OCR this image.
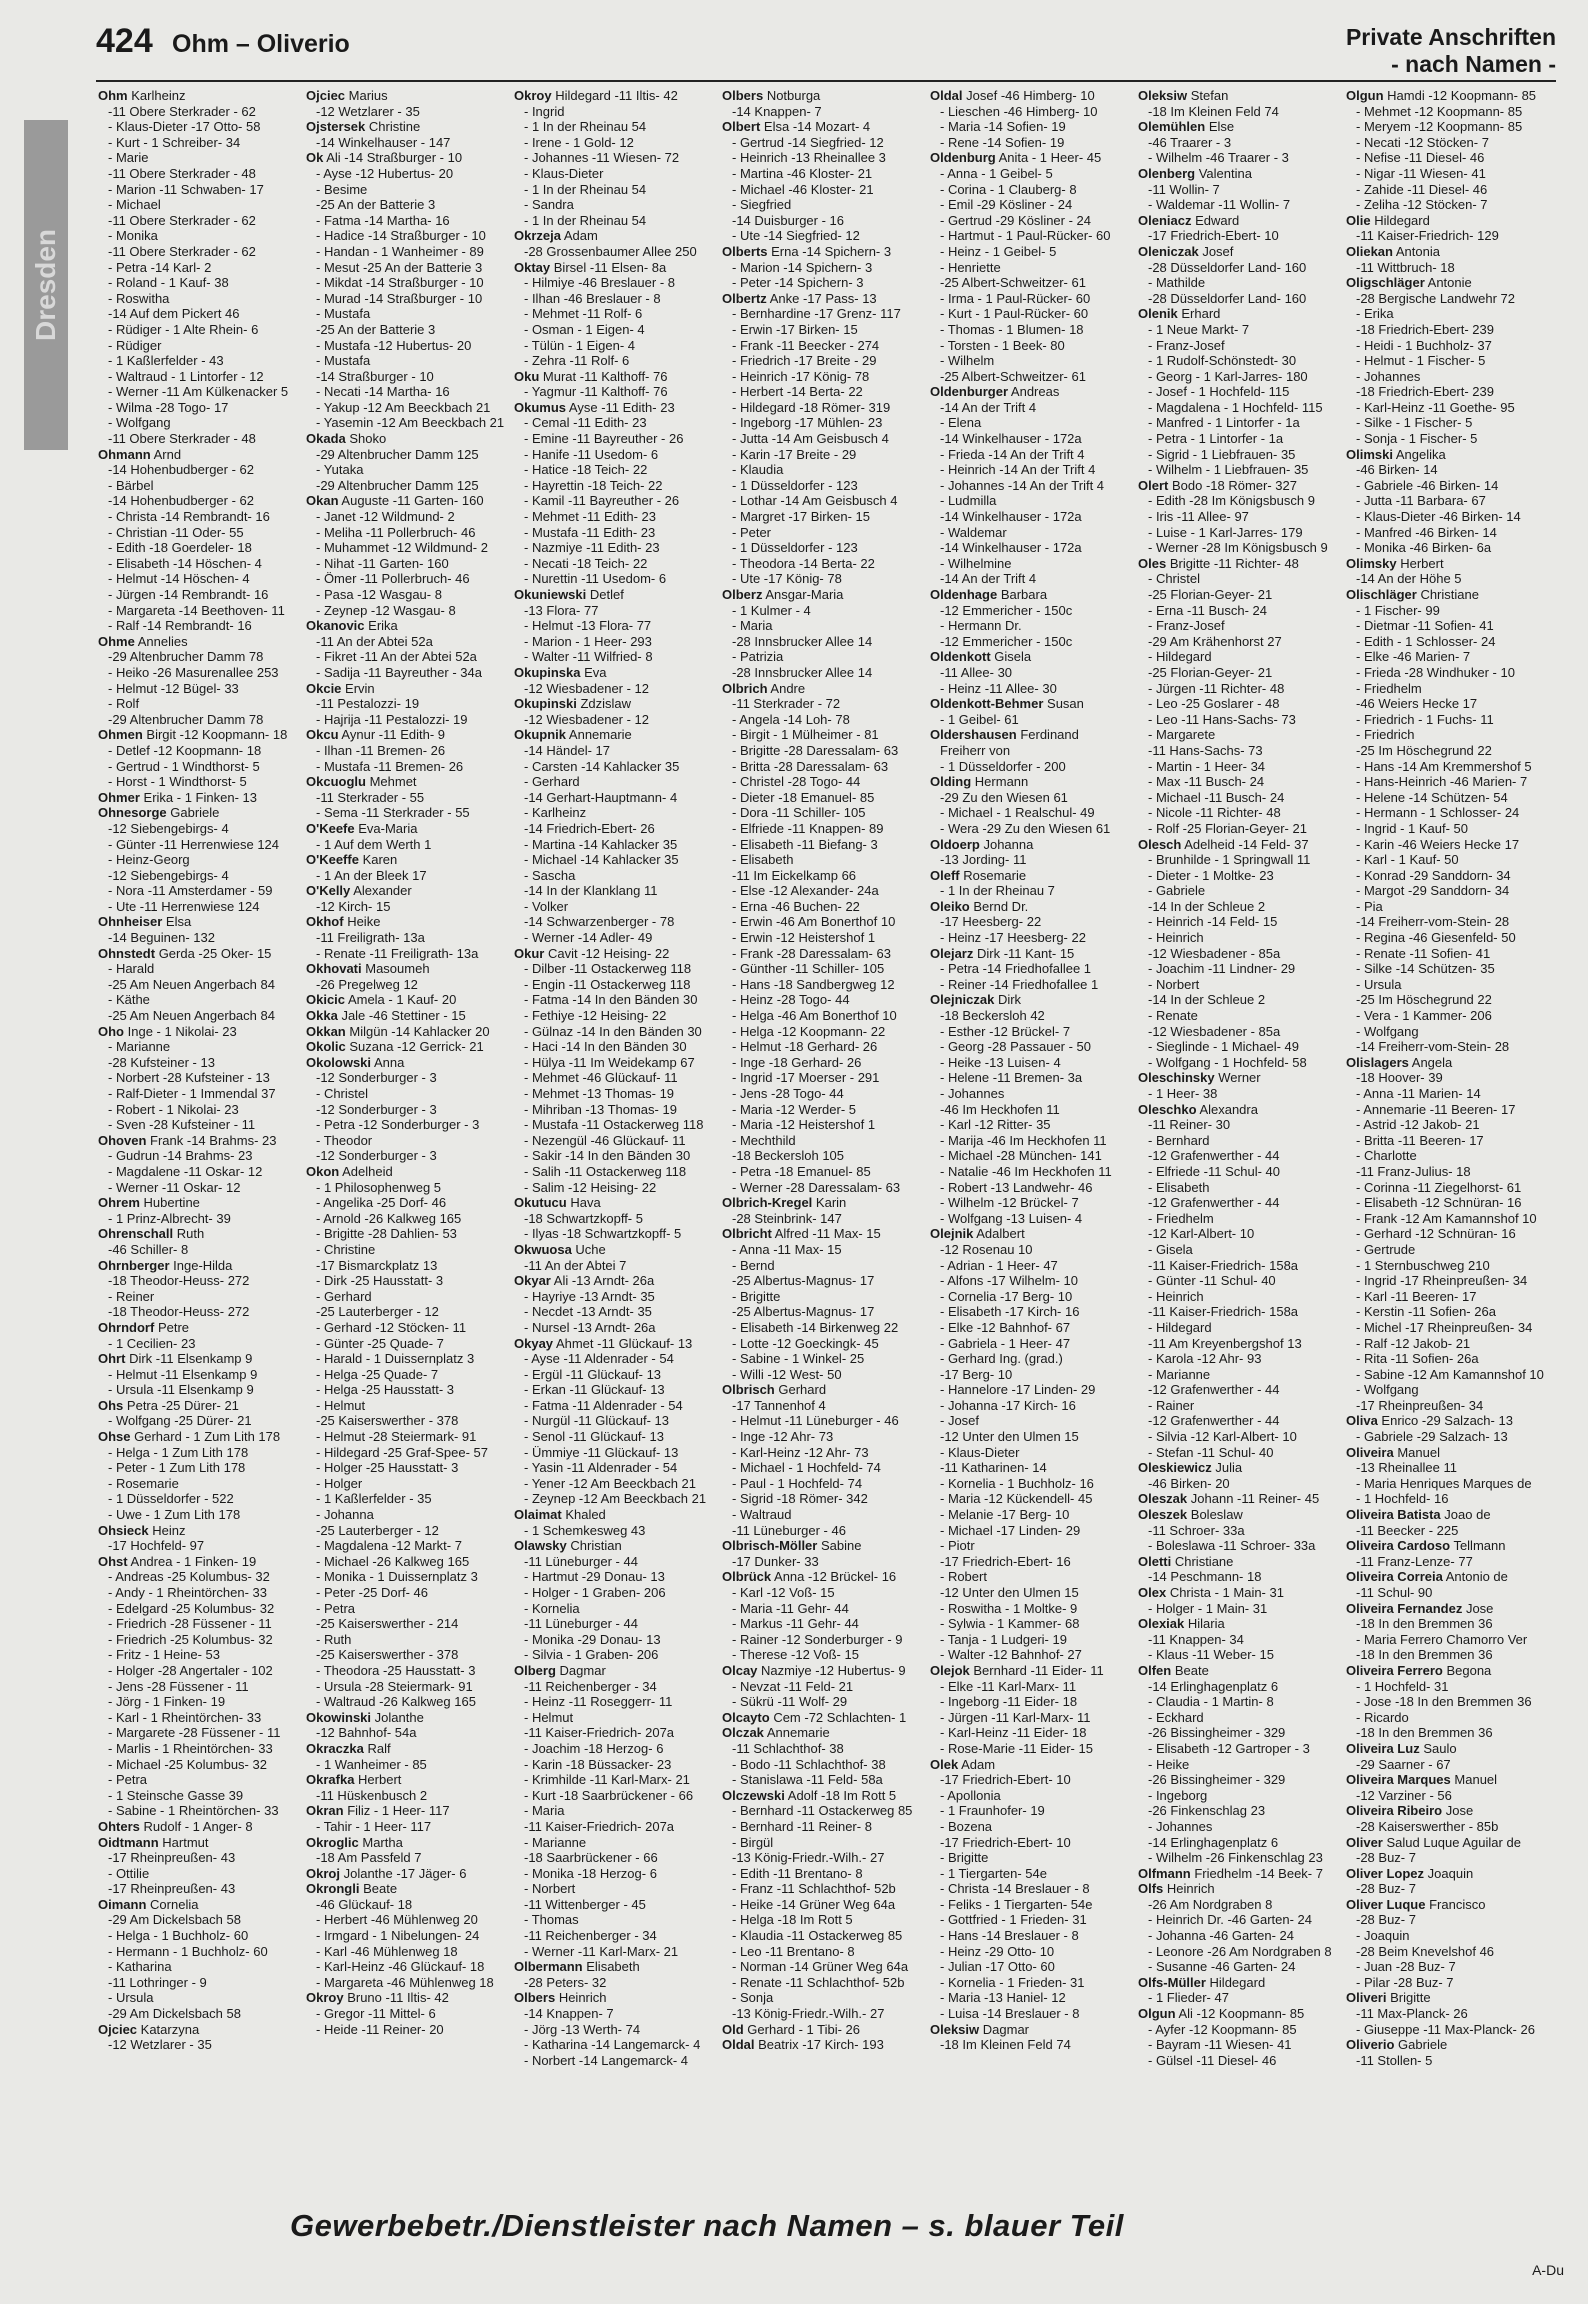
Dresden
424 Ohm – Oliverio	Private Anschriften
- nach Namen -
Ohm Karlheinz
-11 Obere Sterkrader - 62
- Klaus-Dieter -17 Otto- 58
- Kurt - 1 Schreiber- 34
- Marie
-11 Obere Sterkrader - 48
- Marion -11 Schwaben- 17
- Michael
-11 Obere Sterkrader - 62
- Monika
-11 Obere Sterkrader - 62
- Petra -14 Karl- 2
- Roland - 1 Kauf- 38
- Roswitha
-14 Auf dem Pickert 46
- Rüdiger - 1 Alte Rhein- 6
- Rüdiger
- 1 Kaßlerfelder - 43
- Waltraud - 1 Lintorfer - 12
- Werner -11 Am Külkenacker 5
- Wilma -28 Togo- 17
- Wolfgang
-11 Obere Sterkrader - 48
Ohmann Arnd
-14 Hohenbudberger - 62
- Bärbel
-14 Hohenbudberger - 62
- Christa -14 Rembrandt- 16
- Christian -11 Oder- 55
- Edith -18 Goerdeler- 18
- Elisabeth -14 Höschen- 4
- Helmut -14 Höschen- 4
- Jürgen -14 Rembrandt- 16
- Margareta -14 Beethoven- 11
- Ralf -14 Rembrandt- 16
Ohme Annelies
-29 Altenbrucher Damm 78
- Heiko -26 Masurenallee 253
- Helmut -12 Bügel- 33
- Rolf
-29 Altenbrucher Damm 78
Ohmen Birgit -12 Koopmann- 18
- Detlef -12 Koopmann- 18
- Gertrud - 1 Windthorst- 5
- Horst - 1 Windthorst- 5
Ohmer Erika - 1 Finken- 13
Ohnesorge Gabriele
-12 Siebengebirgs- 4
- Günter -11 Herrenwiese 124
- Heinz-Georg
-12 Siebengebirgs- 4
- Nora -11 Amsterdamer - 59
- Ute -11 Herrenwiese 124
Ohnheiser Elsa
-14 Beguinen- 132
Ohnstedt Gerda -25 Oker- 15
- Harald
-25 Am Neuen Angerbach 84
- Käthe
-25 Am Neuen Angerbach 84
Oho Inge - 1 Nikolai- 23
- Marianne
-28 Kufsteiner - 13
- Norbert -28 Kufsteiner - 13
- Ralf-Dieter - 1 Immendal 37
- Robert - 1 Nikolai- 23
- Sven -28 Kufsteiner - 11
Ohoven Frank -14 Brahms- 23
- Gudrun -14 Brahms- 23
- Magdalene -11 Oskar- 12
- Werner -11 Oskar- 12
Ohrem Hubertine
- 1 Prinz-Albrecht- 39
Ohrenschall Ruth
-46 Schiller- 8
Ohrnberger Inge-Hilda
-18 Theodor-Heuss- 272
- Reiner
-18 Theodor-Heuss- 272
Ohrndorf Petre
- 1 Cecilien- 23
Ohrt Dirk -11 Elsenkamp 9
- Helmut -11 Elsenkamp 9
- Ursula -11 Elsenkamp 9
Ohs Petra -25 Dürer- 21
- Wolfgang -25 Dürer- 21
Ohse Gerhard - 1 Zum Lith 178
- Helga - 1 Zum Lith 178
- Peter - 1 Zum Lith 178
- Rosemarie
- 1 Düsseldorfer - 522
- Uwe - 1 Zum Lith 178
Ohsieck Heinz
-17 Hochfeld- 97
Ohst Andrea - 1 Finken- 19
- Andreas -25 Kolumbus- 32
- Andy - 1 Rheintörchen- 33
- Edelgard -25 Kolumbus- 32
- Friedrich -28 Füssener - 11
- Friedrich -25 Kolumbus- 32
- Fritz - 1 Heine- 53
- Holger -28 Angertaler - 102
- Jens -28 Füssener - 11
- Jörg - 1 Finken- 19
- Karl - 1 Rheintörchen- 33
- Margarete -28 Füssener - 11
- Marlis - 1 Rheintörchen- 33
- Michael -25 Kolumbus- 32
- Petra
- 1 Steinsche Gasse 39
- Sabine - 1 Rheintörchen- 33
Ohters Rudolf - 1 Anger- 8
Oidtmann Hartmut
-17 Rheinpreußen- 43
- Ottilie
-17 Rheinpreußen- 43
Oimann Cornelia
-29 Am Dickelsbach 58
- Helga - 1 Buchholz- 60
- Hermann - 1 Buchholz- 60
- Katharina
-11 Lothringer - 9
- Ursula
-29 Am Dickelsbach 58
Ojciec Katarzyna
-12 Wetzlarer - 35
Ojciec Marius
-12 Wetzlarer - 35
Ojstersek Christine
-14 Winkelhauser - 147
Ok Ali -14 Straßburger - 10
- Ayse -12 Hubertus- 20
- Besime
-25 An der Batterie 3
- Fatma -14 Martha- 16
- Hadice -14 Straßburger - 10
- Handan - 1 Wanheimer - 89
- Mesut -25 An der Batterie 3
- Mikdat -14 Straßburger - 10
- Murad -14 Straßburger - 10
- Mustafa
-25 An der Batterie 3
- Mustafa -12 Hubertus- 20
- Mustafa
-14 Straßburger - 10
- Necati -14 Martha- 16
- Yakup -12 Am Beeckbach 21
- Yasemin -12 Am Beeckbach 21
Okada Shoko
-29 Altenbrucher Damm 125
- Yutaka
-29 Altenbrucher Damm 125
Okan Auguste -11 Garten- 160
- Janet -12 Wildmund- 2
- Meliha -11 Pollerbruch- 46
- Muhammet -12 Wildmund- 2
- Nihat -11 Garten- 160
- Ömer -11 Pollerbruch- 46
- Pasa -12 Wasgau- 8
- Zeynep -12 Wasgau- 8
Okanovic Erika
-11 An der Abtei 52a
- Fikret -11 An der Abtei 52a
- Sadija -11 Bayreuther - 34a
Okcie Ervin
-11 Pestalozzi- 19
- Hajrija -11 Pestalozzi- 19
Okcu Aynur -11 Edith- 9
- Ilhan -11 Bremen- 26
- Mustafa -11 Bremen- 26
Okcuoglu Mehmet
-11 Sterkrader - 55
- Sema -11 Sterkrader - 55
O'Keefe Eva-Maria
- 1 Auf dem Werth 1
O'Keeffe Karen
- 1 An der Bleek 17
O'Kelly Alexander
-12 Kirch- 15
Okhof Heike
-11 Freiligrath- 13a
- Renate -11 Freiligrath- 13a
Okhovati Masoumeh
-26 Pregelweg 12
Okicic Amela - 1 Kauf- 20
Okka Jale -46 Stettiner - 15
Okkan Milgün -14 Kahlacker 20
Okolic Suzana -12 Gerrick- 21
Okolowski Anna
-12 Sonderburger - 3
- Christel
-12 Sonderburger - 3
- Petra -12 Sonderburger - 3
- Theodor
-12 Sonderburger - 3
Okon Adelheid
- 1 Philosophenweg 5
- Angelika -25 Dorf- 46
- Arnold -26 Kalkweg 165
- Brigitte -28 Dahlien- 53
- Christine
-17 Bismarckplatz 13
- Dirk -25 Hausstatt- 3
- Gerhard
-25 Lauterberger - 12
- Gerhard -12 Stöcken- 11
- Günter -25 Quade- 7
- Harald - 1 Duissernplatz 3
- Helga -25 Quade- 7
- Helga -25 Hausstatt- 3
- Helmut
-25 Kaiserswerther - 378
- Helmut -28 Steiermark- 91
- Hildegard -25 Graf-Spee- 57
- Holger -25 Hausstatt- 3
- Holger
- 1 Kaßlerfelder - 35
- Johanna
-25 Lauterberger - 12
- Magdalena -12 Markt- 7
- Michael -26 Kalkweg 165
- Monika - 1 Duissernplatz 3
- Peter -25 Dorf- 46
- Petra
-25 Kaiserswerther - 214
- Ruth
-25 Kaiserswerther - 378
- Theodora -25 Hausstatt- 3
- Ursula -28 Steiermark- 91
- Waltraud -26 Kalkweg 165
Okowinski Jolanthe
-12 Bahnhof- 54a
Okraczka Ralf
- 1 Wanheimer - 85
Okrafka Herbert
-11 Hüskenbusch 2
Okran Filiz - 1 Heer- 117
- Tahir - 1 Heer- 117
Okroglic Martha
-18 Am Passfeld 7
Okroj Jolanthe -17 Jäger- 6
Okrongli Beate
-46 Glückauf- 18
- Herbert -46 Mühlenweg 20
- Irmgard - 1 Nibelungen- 24
- Karl -46 Mühlenweg 18
- Karl-Heinz -46 Glückauf- 18
- Margareta -46 Mühlenweg 18
Okroy Bruno -11 Iltis- 42
- Gregor -11 Mittel- 6
- Heide -11 Reiner- 20
Okroy Hildegard -11 Iltis- 42
- Ingrid
- 1 In der Rheinau 54
- Irene - 1 Gold- 12
- Johannes -11 Wiesen- 72
- Klaus-Dieter
- 1 In der Rheinau 54
- Sandra
- 1 In der Rheinau 54
Okrzeja Adam
-28 Grossenbaumer Allee 250
Oktay Birsel -11 Elsen- 8a
- Hilmiye -46 Breslauer - 8
- Ilhan -46 Breslauer - 8
- Mehmet -11 Rolf- 6
- Osman - 1 Eigen- 4
- Tülün - 1 Eigen- 4
- Zehra -11 Rolf- 6
Oku Murat -11 Kalthoff- 76
- Yagmur -11 Kalthoff- 76
Okumus Ayse -11 Edith- 23
- Cemal -11 Edith- 23
- Emine -11 Bayreuther - 26
- Hanife -11 Usedom- 6
- Hatice -18 Teich- 22
- Hayrettin -18 Teich- 22
- Kamil -11 Bayreuther - 26
- Mehmet -11 Edith- 23
- Mustafa -11 Edith- 23
- Nazmiye -11 Edith- 23
- Necati -18 Teich- 22
- Nurettin -11 Usedom- 6
Okuniewski Detlef
-13 Flora- 77
- Helmut -13 Flora- 77
- Marion - 1 Heer- 293
- Walter -11 Wilfried- 8
Okupinska Eva
-12 Wiesbadener - 12
Okupinski Zdzislaw
-12 Wiesbadener - 12
Okupnik Annemarie
-14 Händel- 17
- Carsten -14 Kahlacker 35
- Gerhard
-14 Gerhart-Hauptmann- 4
- Karlheinz
-14 Friedrich-Ebert- 26
- Martina -14 Kahlacker 35
- Michael -14 Kahlacker 35
- Sascha
-14 In der Klanklang 11
- Volker
-14 Schwarzenberger - 78
- Werner -14 Adler- 49
Okur Cavit -12 Heising- 22
- Dilber -11 Ostackerweg 118
- Engin -11 Ostackerweg 118
- Fatma -14 In den Bänden 30
- Fethiye -12 Heising- 22
- Gülnaz -14 In den Bänden 30
- Haci -14 In den Bänden 30
- Hülya -11 Im Weidekamp 67
- Mehmet -46 Glückauf- 11
- Mehmet -13 Thomas- 19
- Mihriban -13 Thomas- 19
- Mustafa -11 Ostackerweg 118
- Nezengül -46 Glückauf- 11
- Sakir -14 In den Bänden 30
- Salih -11 Ostackerweg 118
- Salim -12 Heising- 22
Okutucu Hava
-18 Schwartzkopff- 5
- Ilyas -18 Schwartzkopff- 5
Okwuosa Uche
-11 An der Abtei 7
Okyar Ali -13 Arndt- 26a
- Hayriye -13 Arndt- 35
- Necdet -13 Arndt- 35
- Nursel -13 Arndt- 26a
Okyay Ahmet -11 Glückauf- 13
- Ayse -11 Aldenrader - 54
- Ergül -11 Glückauf- 13
- Erkan -11 Glückauf- 13
- Fatma -11 Aldenrader - 54
- Nurgül -11 Glückauf- 13
- Senol -11 Glückauf- 13
- Ümmiye -11 Glückauf- 13
- Yasin -11 Aldenrader - 54
- Yener -12 Am Beeckbach 21
- Zeynep -12 Am Beeckbach 21
Olaimat Khaled
- 1 Schemkesweg 43
Olawsky Christian
-11 Lüneburger - 44
- Hartmut -29 Donau- 13
- Holger - 1 Graben- 206
- Kornelia
-11 Lüneburger - 44
- Monika -29 Donau- 13
- Silvia - 1 Graben- 206
Olberg Dagmar
-11 Reichenberger - 34
- Heinz -11 Roseggerr- 11
- Helmut
-11 Kaiser-Friedrich- 207a
- Joachim -18 Herzog- 6
- Karin -18 Büssacker- 23
- Krimhilde -11 Karl-Marx- 21
- Kurt -18 Saarbrückener - 66
- Maria
-11 Kaiser-Friedrich- 207a
- Marianne
-18 Saarbrückener - 66
- Monika -18 Herzog- 6
- Norbert
-11 Wittenberger - 45
- Thomas
-11 Reichenberger - 34
- Werner -11 Karl-Marx- 21
Olbermann Elisabeth
-28 Peters- 32
Olbers Heinrich
-14 Knappen- 7
- Jörg -13 Werth- 74
- Katharina -14 Langemarck- 4
- Norbert -14 Langemarck- 4
Olbers Notburga
-14 Knappen- 7
Olbert Elsa -14 Mozart- 4
- Gertrud -14 Siegfried- 12
- Heinrich -13 Rheinallee 3
- Martina -46 Kloster- 21
- Michael -46 Kloster- 21
- Siegfried
-14 Duisburger - 16
- Ute -14 Siegfried- 12
Olberts Erna -14 Spichern- 3
- Marion -14 Spichern- 3
- Peter -14 Spichern- 3
Olbertz Anke -17 Pass- 13
- Bernhardine -17 Grenz- 117
- Erwin -17 Birken- 15
- Frank -11 Beecker - 274
- Friedrich -17 Breite - 29
- Heinrich -17 König- 78
- Herbert -14 Berta- 22
- Hildegard -18 Römer- 319
- Ingeborg -17 Mühlen- 23
- Jutta -14 Am Geisbusch 4
- Karin -17 Breite - 29
- Klaudia
- 1 Düsseldorfer - 123
- Lothar -14 Am Geisbusch 4
- Margret -17 Birken- 15
- Peter
- 1 Düsseldorfer - 123
- Theodora -14 Berta- 22
- Ute -17 König- 78
Olberz Ansgar-Maria
- 1 Kulmer - 4
- Maria
-28 Innsbrucker Allee 14
- Patrizia
-28 Innsbrucker Allee 14
Olbrich Andre
-11 Sterkrader - 72
- Angela -14 Loh- 78
- Birgit - 1 Mülheimer - 81
- Brigitte -28 Daressalam- 63
- Britta -28 Daressalam- 63
- Christel -28 Togo- 44
- Dieter -18 Emanuel- 85
- Dora -11 Schiller- 105
- Elfriede -11 Knappen- 89
- Elisabeth -11 Biefang- 3
- Elisabeth
-11 Im Eickelkamp 66
- Else -12 Alexander- 24a
- Erna -46 Buchen- 22
- Erwin -46 Am Bonerthof 10
- Erwin -12 Heistershof 1
- Frank -28 Daressalam- 63
- Günther -11 Schiller- 105
- Hans -18 Sandbergweg 12
- Heinz -28 Togo- 44
- Helga -46 Am Bonerthof 10
- Helga -12 Koopmann- 22
- Helmut -18 Gerhard- 26
- Inge -18 Gerhard- 26
- Ingrid -17 Moerser - 291
- Jens -28 Togo- 44
- Maria -12 Werder- 5
- Maria -12 Heistershof 1
- Mechthild
-18 Beckersloh 105
- Petra -18 Emanuel- 85
- Werner -28 Daressalam- 63
Olbrich-Kregel Karin
-28 Steinbrink- 147
Olbricht Alfred -11 Max- 15
- Anna -11 Max- 15
- Bernd
-25 Albertus-Magnus- 17
- Brigitte
-25 Albertus-Magnus- 17
- Elisabeth -14 Birkenweg 22
- Lotte -12 Goeckingk- 45
- Sabine - 1 Winkel- 25
- Willi -12 West- 50
Olbrisch Gerhard
-17 Tannenhof 4
- Helmut -11 Lüneburger - 46
- Inge -12 Ahr- 73
- Karl-Heinz -12 Ahr- 73
- Michael - 1 Hochfeld- 74
- Paul - 1 Hochfeld- 74
- Sigrid -18 Römer- 342
- Waltraud
-11 Lüneburger - 46
Olbrisch-Möller Sabine
-17 Dunker- 33
Olbrück Anna -12 Brückel- 16
- Karl -12 Voß- 15
- Maria -11 Gehr- 44
- Markus -11 Gehr- 44
- Rainer -12 Sonderburger - 9
- Therese -12 Voß- 15
Olcay Nazmiye -12 Hubertus- 9
- Nevzat -11 Feld- 21
- Sükrü -11 Wolf- 29
Olcayto Cem -72 Schlachten- 1
Olczak Annemarie
-11 Schlachthof- 38
- Bodo -11 Schlachthof- 38
- Stanislawa -11 Feld- 58a
Olczewski Adolf -18 Im Rott 5
- Bernhard -11 Ostackerweg 85
- Bernhard -11 Reiner- 8
- Birgül
-13 König-Friedr.-Wilh.- 27
- Edith -11 Brentano- 8
- Franz -11 Schlachthof- 52b
- Heike -14 Grüner Weg 64a
- Helga -18 Im Rott 5
- Klaudia -11 Ostackerweg 85
- Leo -11 Brentano- 8
- Norman -14 Grüner Weg 64a
- Renate -11 Schlachthof- 52b
- Sonja
-13 König-Friedr.-Wilh.- 27
Old Gerhard - 1 Tibi- 26
Oldal Beatrix -17 Kirch- 193
Oldal Josef -46 Himberg- 10
- Lieschen -46 Himberg- 10
- Maria -14 Sofien- 19
- Rene -14 Sofien- 19
Oldenburg Anita - 1 Heer- 45
- Anna - 1 Geibel- 5
- Corina - 1 Clauberg- 8
- Emil -29 Kösliner - 24
- Gertrud -29 Kösliner - 24
- Hartmut - 1 Paul-Rücker- 60
- Heinz - 1 Geibel- 5
- Henriette
-25 Albert-Schweitzer- 61
- Irma - 1 Paul-Rücker- 60
- Kurt - 1 Paul-Rücker- 60
- Thomas - 1 Blumen- 18
- Torsten - 1 Beek- 80
- Wilhelm
-25 Albert-Schweitzer- 61
Oldenburger Andreas
-14 An der Trift 4
- Elena
-14 Winkelhauser - 172a
- Frieda -14 An der Trift 4
- Heinrich -14 An der Trift 4
- Johannes -14 An der Trift 4
- Ludmilla
-14 Winkelhauser - 172a
- Waldemar
-14 Winkelhauser - 172a
- Wilhelmine
-14 An der Trift 4
Oldenhage Barbara
-12 Emmericher - 150c
- Hermann Dr.
-12 Emmericher - 150c
Oldenkott Gisela
-11 Allee- 30
- Heinz -11 Allee- 30
Oldenkott-Behmer Susan
- 1 Geibel- 61
Oldershausen Ferdinand
Freiherr von
- 1 Düsseldorfer - 200
Olding Hermann
-29 Zu den Wiesen 61
- Michael - 1 Realschul- 49
- Wera -29 Zu den Wiesen 61
Oldoerp Johanna
-13 Jording- 11
Oleff Rosemarie
- 1 In der Rheinau 7
Oleiko Bernd Dr.
-17 Heesberg- 22
- Heinz -17 Heesberg- 22
Olejarz Dirk -11 Kant- 15
- Petra -14 Friedhofallee 1
- Reiner -14 Friedhofallee 1
Olejniczak Dirk
-18 Beckersloh 42
- Esther -12 Brückel- 7
- Georg -28 Passauer - 50
- Heike -13 Luisen- 4
- Helene -11 Bremen- 3a
- Johannes
-46 Im Heckhofen 11
- Karl -12 Ritter- 35
- Marija -46 Im Heckhofen 11
- Michael -28 München- 141
- Natalie -46 Im Heckhofen 11
- Robert -13 Landwehr- 46
- Wilhelm -12 Brückel- 7
- Wolfgang -13 Luisen- 4
Olejnik Adalbert
-12 Rosenau 10
- Adrian - 1 Heer- 47
- Alfons -17 Wilhelm- 10
- Cornelia -17 Berg- 10
- Elisabeth -17 Kirch- 16
- Elke -12 Bahnhof- 67
- Gabriela - 1 Heer- 47
- Gerhard Ing. (grad.)
-17 Berg- 10
- Hannelore -17 Linden- 29
- Johanna -17 Kirch- 16
- Josef
-12 Unter den Ulmen 15
- Klaus-Dieter
-11 Katharinen- 14
- Kornelia - 1 Buchholz- 16
- Maria -12 Kückendell- 45
- Melanie -17 Berg- 10
- Michael -17 Linden- 29
- Piotr
-17 Friedrich-Ebert- 16
- Robert
-12 Unter den Ulmen 15
- Roswitha - 1 Moltke- 9
- Sylwia - 1 Kammer- 68
- Tanja - 1 Ludgeri- 19
- Walter -12 Bahnhof- 27
Olejok Bernhard -11 Eider- 11
- Elke -11 Karl-Marx- 11
- Ingeborg -11 Eider- 18
- Jürgen -11 Karl-Marx- 11
- Karl-Heinz -11 Eider- 18
- Rose-Marie -11 Eider- 15
Olek Adam
-17 Friedrich-Ebert- 10
- Apollonia
- 1 Fraunhofer- 19
- Bozena
-17 Friedrich-Ebert- 10
- Brigitte
- 1 Tiergarten- 54e
- Christa -14 Breslauer - 8
- Feliks - 1 Tiergarten- 54e
- Gottfried - 1 Frieden- 31
- Hans -14 Breslauer - 8
- Heinz -29 Otto- 10
- Julian -17 Otto- 60
- Kornelia - 1 Frieden- 31
- Maria -13 Haniel- 12
- Luisa -14 Breslauer - 8
Oleksiw Dagmar
-18 Im Kleinen Feld 74
Oleksiw Stefan
-18 Im Kleinen Feld 74
Olemühlen Else
-46 Traarer - 3
- Wilhelm -46 Traarer - 3
Olenberg Valentina
-11 Wollin- 7
- Waldemar -11 Wollin- 7
Oleniacz Edward
-17 Friedrich-Ebert- 10
Oleniczak Josef
-28 Düsseldorfer Land- 160
- Mathilde
-28 Düsseldorfer Land- 160
Olenik Erhard
- 1 Neue Markt- 7
- Franz-Josef
- 1 Rudolf-Schönstedt- 30
- Georg - 1 Karl-Jarres- 180
- Josef - 1 Hochfeld- 115
- Magdalena - 1 Hochfeld- 115
- Manfred - 1 Lintorfer - 1a
- Petra - 1 Lintorfer - 1a
- Sigrid - 1 Liebfrauen- 35
- Wilhelm - 1 Liebfrauen- 35
Olert Bodo -18 Römer- 327
- Edith -28 Im Königsbusch 9
- Iris -11 Allee- 97
- Luise - 1 Karl-Jarres- 179
- Werner -28 Im Königsbusch 9
Oles Brigitte -11 Richter- 48
- Christel
-25 Florian-Geyer- 21
- Erna -11 Busch- 24
- Franz-Josef
-29 Am Krähenhorst 27
- Hildegard
-25 Florian-Geyer- 21
- Jürgen -11 Richter- 48
- Leo -25 Goslarer - 48
- Leo -11 Hans-Sachs- 73
- Margarete
-11 Hans-Sachs- 73
- Martin - 1 Heer- 34
- Max -11 Busch- 24
- Michael -11 Busch- 24
- Nicole -11 Richter- 48
- Rolf -25 Florian-Geyer- 21
Olesch Adelheid -14 Feld- 37
- Brunhilde - 1 Springwall 11
- Dieter - 1 Moltke- 23
- Gabriele
-14 In der Schleue 2
- Heinrich -14 Feld- 15
- Heinrich
-12 Wiesbadener - 85a
- Joachim -11 Lindner- 29
- Norbert
-14 In der Schleue 2
- Renate
-12 Wiesbadener - 85a
- Sieglinde - 1 Michael- 49
- Wolfgang - 1 Hochfeld- 58
Oleschinsky Werner
- 1 Heer- 38
Oleschko Alexandra
-11 Reiner- 30
- Bernhard
-12 Grafenwerther - 44
- Elfriede -11 Schul- 40
- Elisabeth
-12 Grafenwerther - 44
- Friedhelm
-12 Karl-Albert- 10
- Gisela
-11 Kaiser-Friedrich- 158a
- Günter -11 Schul- 40
- Heinrich
-11 Kaiser-Friedrich- 158a
- Hildegard
-11 Am Kreyenbergshof 13
- Karola -12 Ahr- 93
- Marianne
-12 Grafenwerther - 44
- Rainer
-12 Grafenwerther - 44
- Silvia -12 Karl-Albert- 10
- Stefan -11 Schul- 40
Oleskiewicz Julia
-46 Birken- 20
Oleszak Johann -11 Reiner- 45
Oleszek Boleslaw
-11 Schroer- 33a
- Boleslawa -11 Schroer- 33a
Oletti Christiane
-14 Peschmann- 18
Olex Christa - 1 Main- 31
- Holger - 1 Main- 31
Olexiak Hilaria
-11 Knappen- 34
- Klaus -11 Weber- 15
Olfen Beate
-14 Erlinghagenplatz 6
- Claudia - 1 Martin- 8
- Eckhard
-26 Bissingheimer - 329
- Elisabeth -12 Gartroper - 3
- Heike
-26 Bissingheimer - 329
- Ingeborg
-26 Finkenschlag 23
- Johannes
-14 Erlinghagenplatz 6
- Wilhelm -26 Finkenschlag 23
Olfmann Friedhelm -14 Beek- 7
Olfs Heinrich
-26 Am Nordgraben 8
- Heinrich Dr. -46 Garten- 24
- Johanna -46 Garten- 24
- Leonore -26 Am Nordgraben 8
- Susanne -46 Garten- 24
Olfs-Müller Hildegard
- 1 Flieder- 47
Olgun Ali -12 Koopmann- 85
- Ayfer -12 Koopmann- 85
- Bayram -11 Wiesen- 41
- Gülsel -11 Diesel- 46
Olgun Hamdi -12 Koopmann- 85
- Mehmet -12 Koopmann- 85
- Meryem -12 Koopmann- 85
- Necati -12 Stöcken- 7
- Nefise -11 Diesel- 46
- Nigar -11 Wiesen- 41
- Zahide -11 Diesel- 46
- Zeliha -12 Stöcken- 7
Olie Hildegard
-11 Kaiser-Friedrich- 129
Oliekan Antonia
-11 Wittbruch- 18
Oligschläger Antonie
-28 Bergische Landwehr 72
- Erika
-18 Friedrich-Ebert- 239
- Heidi - 1 Buchholz- 37
- Helmut - 1 Fischer- 5
- Johannes
-18 Friedrich-Ebert- 239
- Karl-Heinz -11 Goethe- 95
- Silke - 1 Fischer- 5
- Sonja - 1 Fischer- 5
Olimski Angelika
-46 Birken- 14
- Gabriele -46 Birken- 14
- Jutta -11 Barbara- 67
- Klaus-Dieter -46 Birken- 14
- Manfred -46 Birken- 14
- Monika -46 Birken- 6a
Olimsky Herbert
-14 An der Höhe 5
Olischläger Christiane
- 1 Fischer- 99
- Dietmar -11 Sofien- 41
- Edith - 1 Schlosser- 24
- Elke -46 Marien- 7
- Frieda -28 Windhuker - 10
- Friedhelm
-46 Weiers Hecke 17
- Friedrich - 1 Fuchs- 11
- Friedrich
-25 Im Höschegrund 22
- Hans -14 Am Kremmershof 5
- Hans-Heinrich -46 Marien- 7
- Helene -14 Schützen- 54
- Hermann - 1 Schlosser- 24
- Ingrid - 1 Kauf- 50
- Karin -46 Weiers Hecke 17
- Karl - 1 Kauf- 50
- Konrad -29 Sanddorn- 34
- Margot -29 Sanddorn- 34
- Pia
-14 Freiherr-vom-Stein- 28
- Regina -46 Giesenfeld- 50
- Renate -11 Sofien- 41
- Silke -14 Schützen- 35
- Ursula
-25 Im Höschegrund 22
- Vera - 1 Kammer- 206
- Wolfgang
-14 Freiherr-vom-Stein- 28
Olislagers Angela
-18 Hoover- 39
- Anna -11 Marien- 14
- Annemarie -11 Beeren- 17
- Astrid -12 Jakob- 21
- Britta -11 Beeren- 17
- Charlotte
-11 Franz-Julius- 18
- Corinna -11 Ziegelhorst- 61
- Elisabeth -12 Schnüran- 16
- Frank -12 Am Kamannshof 10
- Gerhard -12 Schnüran- 16
- Gertrude
- 1 Sternbuschweg 210
- Ingrid -17 Rheinpreußen- 34
- Karl -11 Beeren- 17
- Kerstin -11 Sofien- 26a
- Michel -17 Rheinpreußen- 34
- Ralf -12 Jakob- 21
- Rita -11 Sofien- 26a
- Sabine -12 Am Kamannshof 10
- Wolfgang
-17 Rheinpreußen- 34
Oliva Enrico -29 Salzach- 13
- Gabriele -29 Salzach- 13
Oliveira Manuel
-13 Rheinallee 11
- Maria Henriques Marques de
- 1 Hochfeld- 16
Oliveira Batista Joao de
-11 Beecker - 225
Oliveira Cardoso Tellmann
-11 Franz-Lenze- 77
Oliveira Correia Antonio de
-11 Schul- 90
Oliveira Fernandez Jose
-18 In den Bremmen 36
- Maria Ferrero Chamorro Ver
-18 In den Bremmen 36
Oliveira Ferrero Begona
- 1 Hochfeld- 31
- Jose -18 In den Bremmen 36
- Ricardo
-18 In den Bremmen 36
Oliveira Luz Saulo
-29 Saarner - 67
Oliveira Marques Manuel
-12 Varziner - 56
Oliveira Ribeiro Jose
-28 Kaiserswerther - 85b
Oliver Salud Luque Aguilar de
-28 Buz- 7
Oliver Lopez Joaquin
-28 Buz- 7
Oliver Luque Francisco
-28 Buz- 7
- Joaquin
-28 Beim Knevelshof 46
- Juan -28 Buz- 7
- Pilar -28 Buz- 7
Oliveri Brigitte
-11 Max-Planck- 26
- Giuseppe -11 Max-Planck- 26
Oliverio Gabriele
-11 Stollen- 5
Gewerbebetr./Dienstleister nach Namen – s. blauer Teil
A-Du
